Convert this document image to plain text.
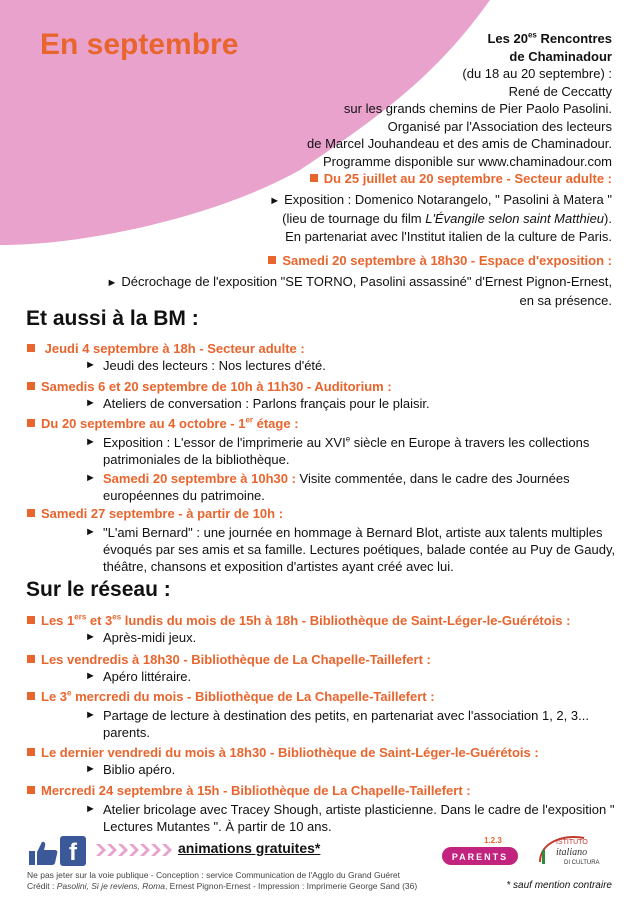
En septembre	Les $20^{es}$ Rencontres
de Chaminadour
(du 18 au 20 septembre) :
René de Ceccatty
sur les grands chemins de Pier Paolo Pasolini.
Organisé par l'Association des lecteurs
de Marcel Jouhandeau et des amis de Chaminadour.
Programme disponible sur www.chaminadour.com
Du 25 juillet au 20 septembre - Secteur adulte :
► Exposition : Domenico Notarangelo, " Pasolini à Matera "
(lieu de tournage du film L'Évangile selon saint Matthieu).
En partenariat avec l'Institut italien de la culture de Paris.
Samedi 20 septembre à 18h30 - Espace d'exposition :
► Décrochage de l'exposition "SE TORNO, Pasolini assassiné" d'Ernest Pignon-Ernest,
en sa présence.
Et aussi à la BM :
Jeudi 4 septembre à 18h - Secteur adulte :
► Jeudi des lecteurs : Nos lectures d'été.
Samedis 6 et 20 septembre de 10h à 11h30 - Auditorium :
► Ateliers de conversation : Parlons français pour le plaisir.
Du 20 septembre au 4 octobre - 1er étage :
► Exposition : L'essor de l'imprimerie au XVIe siècle en Europe à travers les collections patrimoniales de la bibliothèque.
► Samedi 20 septembre à 10h30 : Visite commentée, dans le cadre des Journées européennes du patrimoine.
Samedi 27 septembre - à partir de 10h :
► "L'ami Bernard" : une journée en hommage à Bernard Blot, artiste aux talents multiples évoqués par ses amis et sa famille. Lectures poétiques, balade contée au Puy de Gaudy, théâtre, chansons et exposition d'artistes ayant créé avec lui.
Sur le réseau :
Les 1ers et $3^{es}$ lundis du mois de 15h à 18h - Bibliothèque de Saint-Léger-le-Guérétois :
► Après-midi jeux.
Les vendredis à 18h30 - Bibliothèque de La Chapelle-Taillefert :
► Apéro littéraire.
Le 3e mercredi du mois - Bibliothèque de La Chapelle-Taillefert :
► Partage de lecture à destination des petits, en partenariat avec l'association 1, 2, 3... parents.
Le dernier vendredi du mois à 18h30 - Bibliothèque de Saint-Léger-le-Guérétois :
► Biblio apéro.
Mercredi 24 septembre à 15h - Bibliothèque de La Chapelle-Taillefert :
► Atelier bricolage avec Tracey Shough, artiste plasticienne. Dans le cadre de l'exposition " Lectures Mutantes ". À partir de 10 ans.
f	animations gratuites*	1.2.3
PARENTS
ISTITUTO
italiano
DI CULTURA
Ne pas jeter sur la voie publique - Conception : service Communication de l'Agglo du Grand Guéret
Crédit : Pasolini, Si je reviens, Roma, Ernest Pignon-Ernest - Impression : Imprimerie George Sand (36)	* sauf mention contraire
